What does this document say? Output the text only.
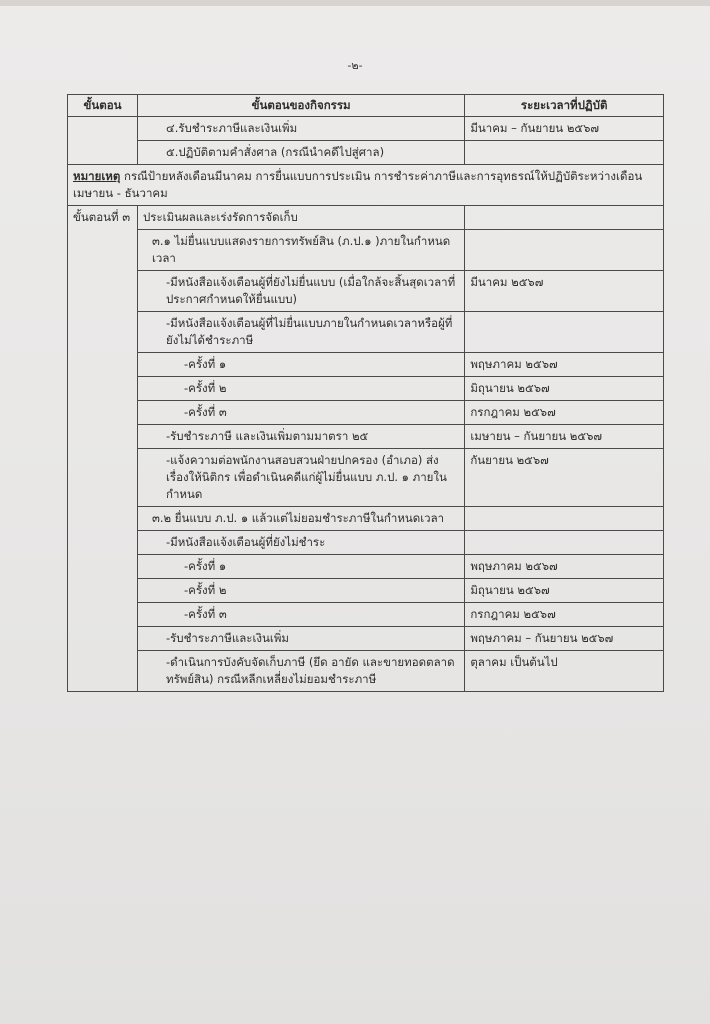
-๒-
ขั้นตอน	ขั้นตอนของกิจกรรม	ระยะเวลาที่ปฏิบัติ
	๔.รับชำระภาษีและเงินเพิ่ม	มีนาคม – กันยายน ๒๕๖๗
	๕.ปฏิบัติตามคำสั่งศาล (กรณีนำคดีไปสู่ศาล)	
หมายเหตุ กรณีป้ายหลังเดือนมีนาคม การยื่นแบบการประเมิน การชำระค่าภาษีและการอุทธรณ์ให้ปฏิบัติระหว่างเดือนเมษายน - ธันวาคม		
ขั้นตอนที่ ๓	ประเมินผลและเร่งรัดการจัดเก็บ	
	๓.๑ ไม่ยื่นแบบแสดงรายการทรัพย์สิน (ภ.ป.๑ )ภายในกำหนดเวลา	
	-มีหนังสือแจ้งเตือนผู้ที่ยังไม่ยื่นแบบ (เมื่อใกล้จะสิ้นสุดเวลาที่ประกาศกำหนดให้ยื่นแบบ)	มีนาคม ๒๕๖๗
	-มีหนังสือแจ้งเตือนผู้ที่ไม่ยื่นแบบภายในกำหนดเวลาหรือผู้ที่ยังไม่ได้ชำระภาษี	
	-ครั้งที่ ๑	พฤษภาคม ๒๕๖๗
	-ครั้งที่ ๒	มิถุนายน ๒๕๖๗
	-ครั้งที่ ๓	กรกฎาคม ๒๕๖๗
	-รับชำระภาษี และเงินเพิ่มตามมาตรา ๒๕	เมษายน – กันยายน ๒๕๖๗
	-แจ้งความต่อพนักงานสอบสวนฝ่ายปกครอง (อำเภอ) ส่งเรื่องให้นิติกร เพื่อดำเนินคดีแก่ผู้ไม่ยื่นแบบ ภ.ป. ๑ ภายในกำหนด	กันยายน ๒๕๖๗
	๓.๒ ยื่นแบบ ภ.ป. ๑ แล้วแต่ไม่ยอมชำระภาษีในกำหนดเวลา	
	-มีหนังสือแจ้งเตือนผู้ที่ยังไม่ชำระ	
	-ครั้งที่ ๑	พฤษภาคม ๒๕๖๗
	-ครั้งที่ ๒	มิถุนายน ๒๕๖๗
	-ครั้งที่ ๓	กรกฎาคม ๒๕๖๗
	-รับชำระภาษีและเงินเพิ่ม	พฤษภาคม – กันยายน ๒๕๖๗
	-ดำเนินการบังคับจัดเก็บภาษี (ยึด อายัด และขายทอดตลาดทรัพย์สิน) กรณีหลีกเหลี่ยงไม่ยอมชำระภาษี	ตุลาคม เป็นต้นไป
